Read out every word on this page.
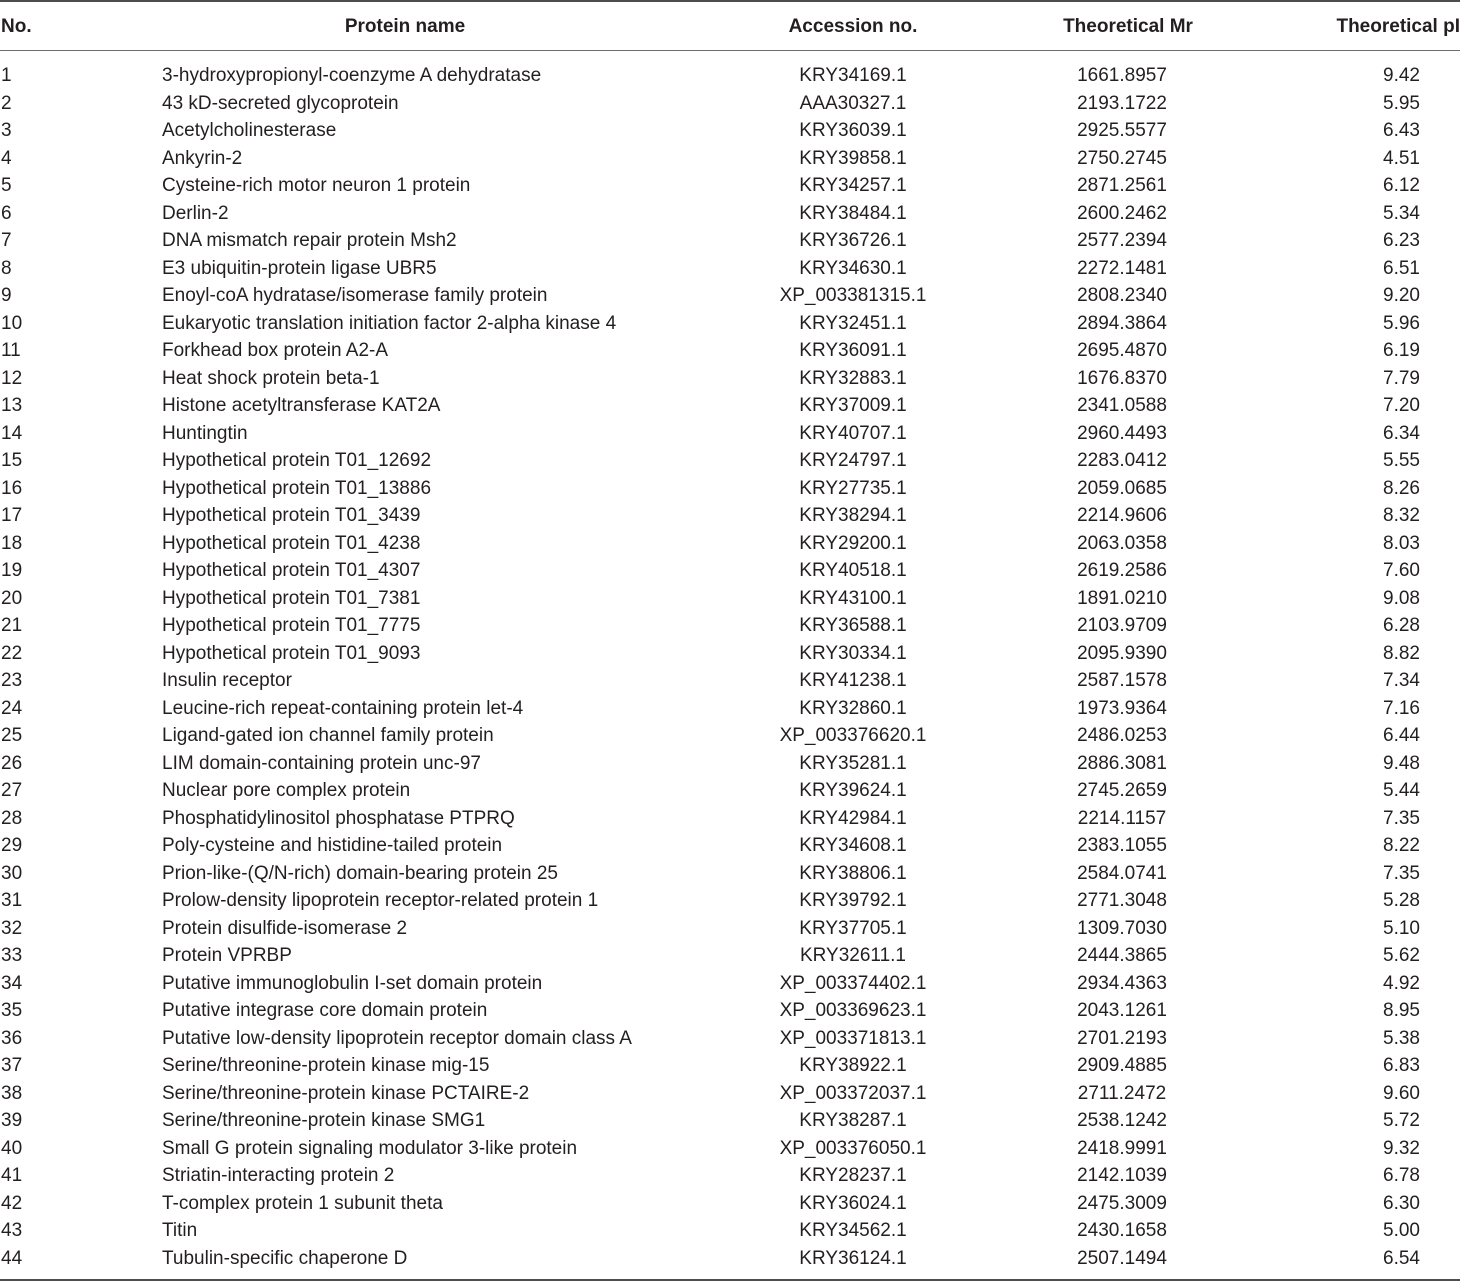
No.	Protein name	Accession no.	Theoretical Mr	Theoretical pI
1	3-hydroxypropionyl-coenzyme A dehydratase	KRY34169.1	1661.8957	9.42
2	43 kD-secreted glycoprotein	AAA30327.1	2193.1722	5.95
3	Acetylcholinesterase	KRY36039.1	2925.5577	6.43
4	Ankyrin-2	KRY39858.1	2750.2745	4.51
5	Cysteine-rich motor neuron 1 protein	KRY34257.1	2871.2561	6.12
6	Derlin-2	KRY38484.1	2600.2462	5.34
7	DNA mismatch repair protein Msh2	KRY36726.1	2577.2394	6.23
8	E3 ubiquitin-protein ligase UBR5	KRY34630.1	2272.1481	6.51
9	Enoyl-coA hydratase/isomerase family protein	XP_003381315.1	2808.2340	9.20
10	Eukaryotic translation initiation factor 2-alpha kinase 4	KRY32451.1	2894.3864	5.96
11	Forkhead box protein A2-A	KRY36091.1	2695.4870	6.19
12	Heat shock protein beta-1	KRY32883.1	1676.8370	7.79
13	Histone acetyltransferase KAT2A	KRY37009.1	2341.0588	7.20
14	Huntingtin	KRY40707.1	2960.4493	6.34
15	Hypothetical protein T01_12692	KRY24797.1	2283.0412	5.55
16	Hypothetical protein T01_13886	KRY27735.1	2059.0685	8.26
17	Hypothetical protein T01_3439	KRY38294.1	2214.9606	8.32
18	Hypothetical protein T01_4238	KRY29200.1	2063.0358	8.03
19	Hypothetical protein T01_4307	KRY40518.1	2619.2586	7.60
20	Hypothetical protein T01_7381	KRY43100.1	1891.0210	9.08
21	Hypothetical protein T01_7775	KRY36588.1	2103.9709	6.28
22	Hypothetical protein T01_9093	KRY30334.1	2095.9390	8.82
23	Insulin receptor	KRY41238.1	2587.1578	7.34
24	Leucine-rich repeat-containing protein let-4	KRY32860.1	1973.9364	7.16
25	Ligand-gated ion channel family protein	XP_003376620.1	2486.0253	6.44
26	LIM domain-containing protein unc-97	KRY35281.1	2886.3081	9.48
27	Nuclear pore complex protein	KRY39624.1	2745.2659	5.44
28	Phosphatidylinositol phosphatase PTPRQ	KRY42984.1	2214.1157	7.35
29	Poly-cysteine and histidine-tailed protein	KRY34608.1	2383.1055	8.22
30	Prion-like-(Q/N-rich) domain-bearing protein 25	KRY38806.1	2584.0741	7.35
31	Prolow-density lipoprotein receptor-related protein 1	KRY39792.1	2771.3048	5.28
32	Protein disulfide-isomerase 2	KRY37705.1	1309.7030	5.10
33	Protein VPRBP	KRY32611.1	2444.3865	5.62
34	Putative immunoglobulin I-set domain protein	XP_003374402.1	2934.4363	4.92
35	Putative integrase core domain protein	XP_003369623.1	2043.1261	8.95
36	Putative low-density lipoprotein receptor domain class A	XP_003371813.1	2701.2193	5.38
37	Serine/threonine-protein kinase mig-15	KRY38922.1	2909.4885	6.83
38	Serine/threonine-protein kinase PCTAIRE-2	XP_003372037.1	2711.2472	9.60
39	Serine/threonine-protein kinase SMG1	KRY38287.1	2538.1242	5.72
40	Small G protein signaling modulator 3-like protein	XP_003376050.1	2418.9991	9.32
41	Striatin-interacting protein 2	KRY28237.1	2142.1039	6.78
42	T-complex protein 1 subunit theta	KRY36024.1	2475.3009	6.30
43	Titin	KRY34562.1	2430.1658	5.00
44	Tubulin-specific chaperone D	KRY36124.1	2507.1494	6.54
